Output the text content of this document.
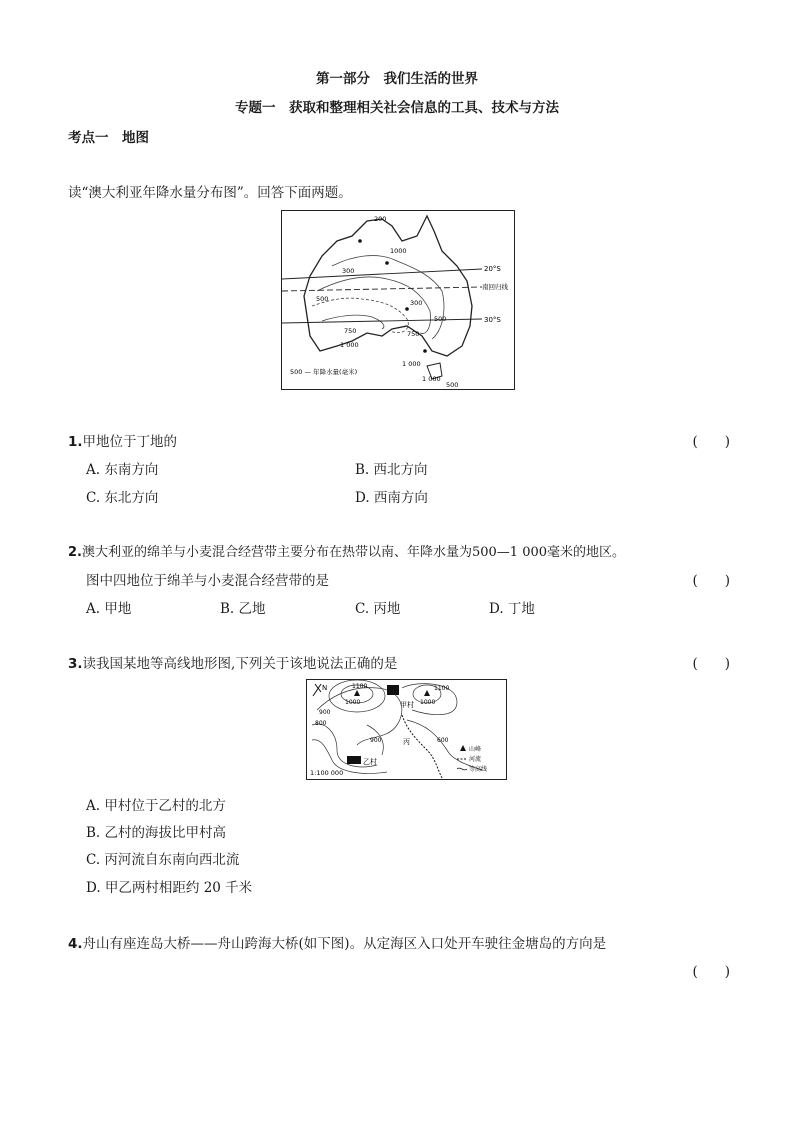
第一部分　我们生活的世界
专题一　获取和整理相关社会信息的工具、技术与方法
考点一　地图
读“澳大利亚年降水量分布图”。回答下面两题。
20°S
南回归线
30°S
200
300
500
1000
750
1 000
500
750
1 000
300
1 000
500
500 — 年降水量(毫米)
1.甲地位于丁地的	(　　)
A. 东南方向	B. 西北方向
C. 东北方向	D. 西南方向
2.澳大利亚的绵羊与小麦混合经营带主要分布在热带以南、年降水量为500—1 000毫米的地区。
图中四地位于绵羊与小麦混合经营带的是	(　　)
A. 甲地	B. 乙地	C. 丙地	D. 丁地
3.读我国某地等高线地形图,下列关于该地说法正确的是	(　　)
N	1100	1100
1000	1000
900
900
800
600
甲村
乙村
丙
山峰
河流
等高线
1:100 000
A. 甲村位于乙村的北方
B. 乙村的海拔比甲村高
C. 丙河流自东南向西北流
D. 甲乙两村相距约 20 千米
4.舟山有座连岛大桥——舟山跨海大桥(如下图)。从定海区入口处开车驶往金塘岛的方向是
(　　)
